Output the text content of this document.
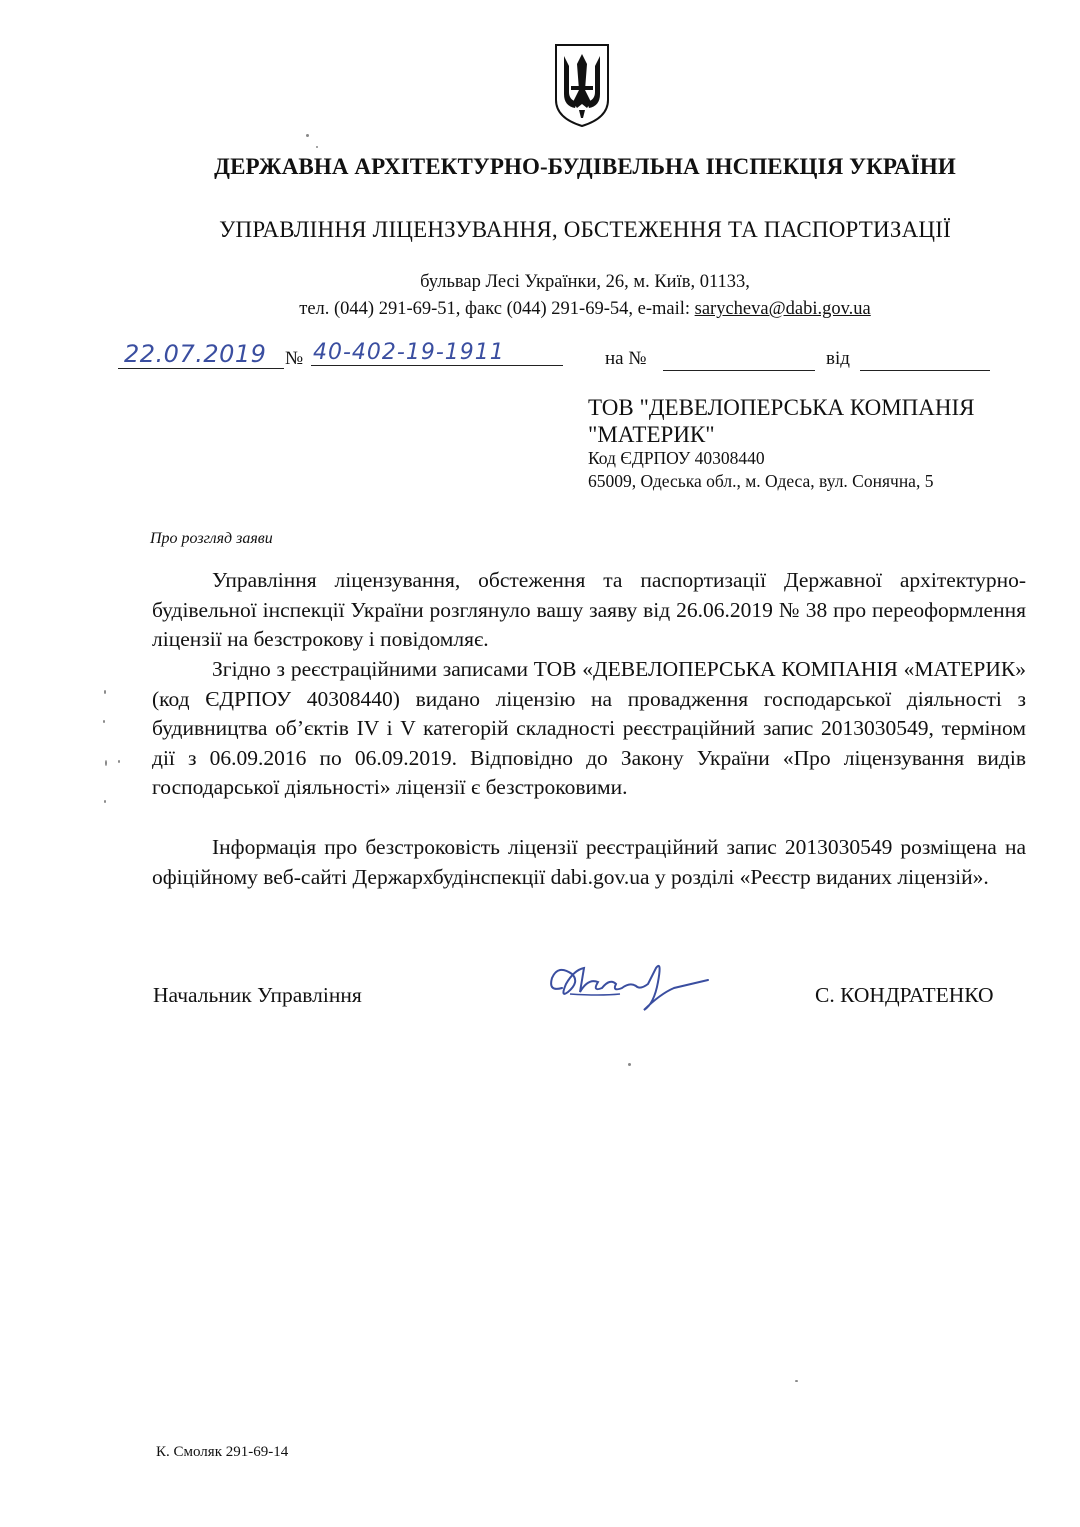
ДЕРЖАВНА АРХІТЕКТУРНО-БУДІВЕЛЬНА ІНСПЕКЦІЯ УКРАЇНИ
УПРАВЛІННЯ ЛІЦЕНЗУВАННЯ, ОБСТЕЖЕННЯ ТА ПАСПОРТИЗАЦІЇ
бульвар Лесі Українки, 26, м. Київ, 01133,
тел. (044) 291-69-51, факс (044) 291-69-54, e-mail: sarycheva@dabi.gov.ua
22.07.2019 № 40-402-19-1911	на №	від
ТОВ "ДЕВЕЛОПЕРСЬКА КОМПАНІЯ "МАТЕРИК"
Код ЄДРПОУ 40308440
65009, Одеська обл., м. Одеса, вул. Сонячна, 5
Про розгляд заяви
Управління ліцензування, обстеження та паспортизації Державної архітектурно-будівельної інспекції України розглянуло вашу заяву від 26.06.2019 № 38 про переоформлення ліцензії на безстрокову і повідомляє.
Згідно з реєстраційними записами ТОВ «ДЕВЕЛОПЕРСЬКА КОМПАНІЯ «МАТЕРИК» (код ЄДРПОУ 40308440) видано ліцензію на провадження господарської діяльності з будивництва об’єктів IV і V категорій складності реєстраційний запис 2013030549, терміном дії з 06.09.2016 по 06.09.2019. Відповідно до Закону України «Про ліцензування видів господарської діяльності» ліцензії є безстроковими.
Інформація про безстроковість ліцензії реєстраційний запис 2013030549 розміщена на офіційному веб-сайті Держархбудінспекції dabi.gov.ua у розділі «Реєстр виданих ліцензій».
Начальник Управління	С. КОНДРАТЕНКО
К. Смоляк 291-69-14
